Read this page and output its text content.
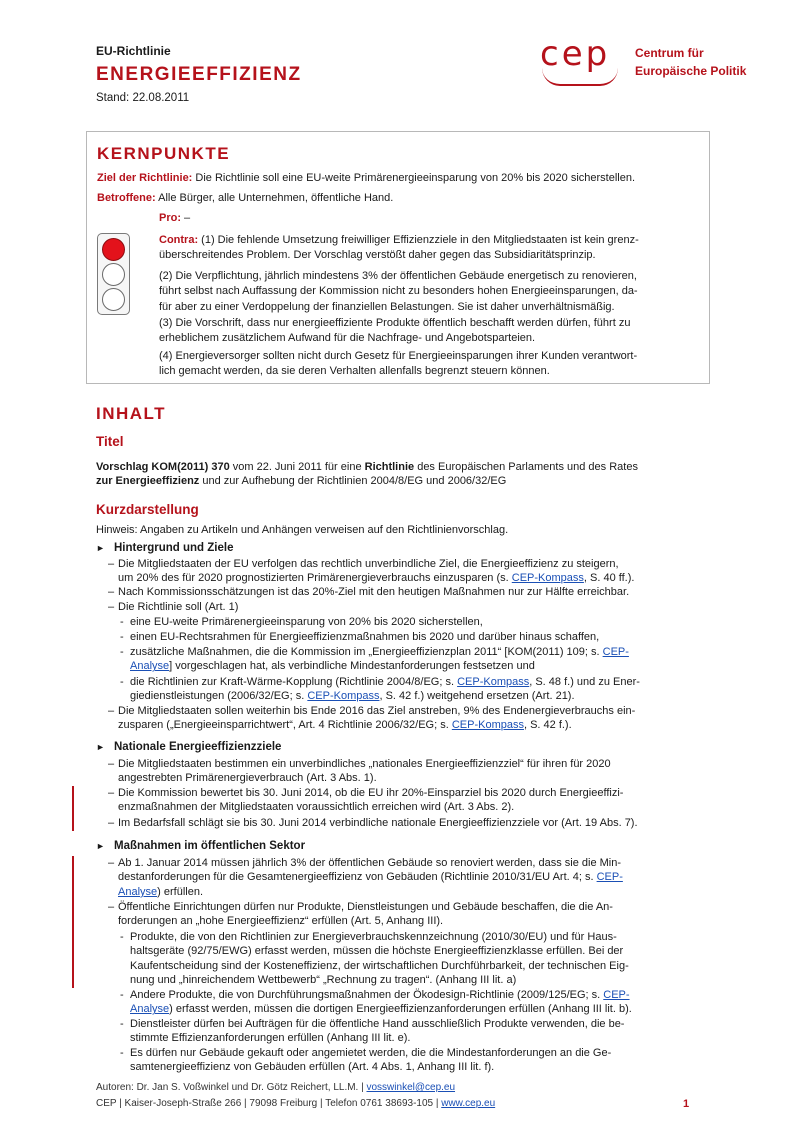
EU-Richtlinie
ENERGIEEFFIZIENZ
Stand: 22.08.2011
cep Centrum für
Europäische Politik
KERNPUNKTE
Ziel der Richtlinie: Die Richtlinie soll eine EU-weite Primärenergieeinsparung von 20% bis 2020 sicherstellen.
Betroffene: Alle Bürger, alle Unternehmen, öffentliche Hand.
Pro: –
Contra: (1) Die fehlende Umsetzung freiwilliger Effizienzziele in den Mitgliedstaaten ist kein grenz-
überschreitendes Problem. Der Vorschlag verstößt daher gegen das Subsidiaritätsprinzip.
(2) Die Verpflichtung, jährlich mindestens 3% der öffentlichen Gebäude energetisch zu renovieren,
führt selbst nach Auffassung der Kommission nicht zu besonders hohen Energieeinsparungen, da-
für aber zu einer Verdoppelung der finanziellen Belastungen. Sie ist daher unverhältnismäßig.
(3) Die Vorschrift, dass nur energieeffiziente Produkte öffentlich beschafft werden dürfen, führt zu
erheblichem zusätzlichem Aufwand für die Nachfrage- und Angebotsparteien.
(4) Energieversorger sollten nicht durch Gesetz für Energieeinsparungen ihrer Kunden verantwort-
lich gemacht werden, da sie deren Verhalten allenfalls begrenzt steuern können.
INHALT
Titel
Vorschlag KOM(2011) 370 vom 22. Juni 2011 für eine Richtlinie des Europäischen Parlaments und des Rates
zur Energieeffizienz und zur Aufhebung der Richtlinien 2004/8/EG und 2006/32/EG
Kurzdarstellung
Hinweis: Angaben zu Artikeln und Anhängen verweisen auf den Richtlinienvorschlag.
► Hintergrund und Ziele
– Die Mitgliedstaaten der EU verfolgen das rechtlich unverbindliche Ziel, die Energieeffizienz zu steigern,
um 20% des für 2020 prognostizierten Primärenergieverbrauchs einzusparen (s. CEP-Kompass, S. 40 ff.).
– Nach Kommissionsschätzungen ist das 20%-Ziel mit den heutigen Maßnahmen nur zur Hälfte erreichbar.
– Die Richtlinie soll (Art. 1)
- eine EU-weite Primärenergieeinsparung von 20% bis 2020 sicherstellen,
- einen EU-Rechtsrahmen für Energieeffizienzmaßnahmen bis 2020 und darüber hinaus schaffen,
- zusätzliche Maßnahmen, die die Kommission im „Energieeffizienzplan 2011“ [KOM(2011) 109; s. CEP-
Analyse] vorgeschlagen hat, als verbindliche Mindestanforderungen festsetzen und
- die Richtlinien zur Kraft-Wärme-Kopplung (Richtlinie 2004/8/EG; s. CEP-Kompass, S. 48 f.) und zu Ener-
giedienstleistungen (2006/32/EG; s. CEP-Kompass, S. 42 f.) weitgehend ersetzen (Art. 21).
– Die Mitgliedstaaten sollen weiterhin bis Ende 2016 das Ziel anstreben, 9% des Endenergieverbrauchs ein-
zusparen („Energieeinsparrichtwert“, Art. 4 Richtlinie 2006/32/EG; s. CEP-Kompass, S. 42 f.).
► Nationale Energieeffizienzziele
– Die Mitgliedstaaten bestimmen ein unverbindliches „nationales Energieeffizienzziel“ für ihren für 2020
angestrebten Primärenergieverbrauch (Art. 3 Abs. 1).
– Die Kommission bewertet bis 30. Juni 2014, ob die EU ihr 20%-Einsparziel bis 2020 durch Energieeffizi-
enzmaßnahmen der Mitgliedstaaten voraussichtlich erreichen wird (Art. 3 Abs. 2).
– Im Bedarfsfall schlägt sie bis 30. Juni 2014 verbindliche nationale Energieeffizienzziele vor (Art. 19 Abs. 7).
► Maßnahmen im öffentlichen Sektor
– Ab 1. Januar 2014 müssen jährlich 3% der öffentlichen Gebäude so renoviert werden, dass sie die Min-
destanforderungen für die Gesamtenergieeffizienz von Gebäuden (Richtlinie 2010/31/EU Art. 4; s. CEP-
Analyse) erfüllen.
– Öffentliche Einrichtungen dürfen nur Produkte, Dienstleistungen und Gebäude beschaffen, die die An-
forderungen an „hohe Energieeffizienz“ erfüllen (Art. 5, Anhang III).
- Produkte, die von den Richtlinien zur Energieverbrauchskennzeichnung (2010/30/EU) und für Haus-
haltsgeräte (92/75/EWG) erfasst werden, müssen die höchste Energieeffizienzklasse erfüllen. Bei der
Kaufentscheidung sind der Kosteneffizienz, der wirtschaftlichen Durchführbarkeit, der technischen Eig-
nung und „hinreichendem Wettbewerb“ „Rechnung zu tragen“. (Anhang III lit. a)
- Andere Produkte, die von Durchführungsmaßnahmen der Ökodesign-Richtlinie (2009/125/EG; s. CEP-
Analyse) erfasst werden, müssen die dortigen Energieeffizienzanforderungen erfüllen (Anhang III lit. b).
- Dienstleister dürfen bei Aufträgen für die öffentliche Hand ausschließlich Produkte verwenden, die be-
stimmte Effizienzanforderungen erfüllen (Anhang III lit. e).
- Es dürfen nur Gebäude gekauft oder angemietet werden, die die Mindestanforderungen an die Ge-
samtenergieeffizienz von Gebäuden erfüllen (Art. 4 Abs. 1, Anhang III lit. f).
Autoren: Dr. Jan S. Voßwinkel und Dr. Götz Reichert, LL.M. | vosswinkel@cep.eu
CEP | Kaiser-Joseph-Straße 266 | 79098 Freiburg | Telefon 0761 38693-105 | www.cep.eu	1
